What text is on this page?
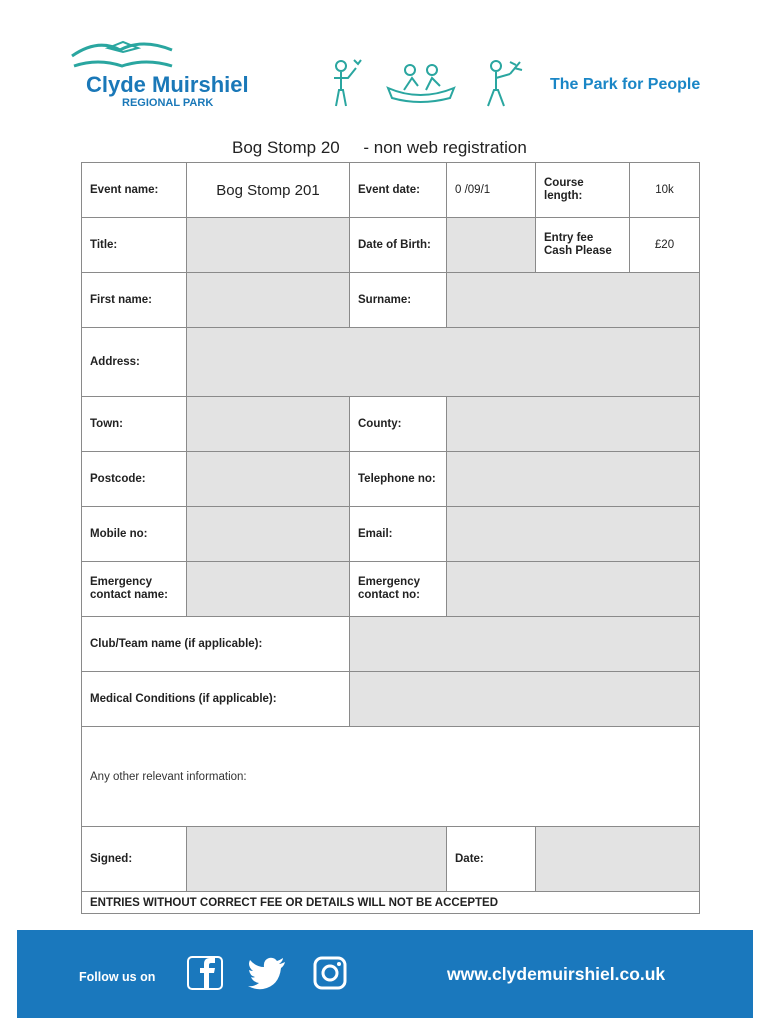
Clyde Muirshiel
REGIONAL PARK
The Park for People
Bog Stomp 20     - non web registration
Event name:	Bog Stomp 201	Event date:	0 /09/1	Course length:	10k
Title:		Date of Birth:		Entry fee Cash Please	£20
First name:		Surname:			
Address:					
Town:		County:			
Postcode:		Telephone no:			
Mobile no:		Email:			
Emergency contact name:		Emergency contact no:			
Club/Team name (if applicable):					
Medical Conditions (if applicable):					
Any other relevant information:					
Signed:			Date:		
ENTRIES WITHOUT CORRECT FEE OR DETAILS WILL NOT BE ACCEPTED					
Follow us on	www.clydemuirshiel.co.uk
